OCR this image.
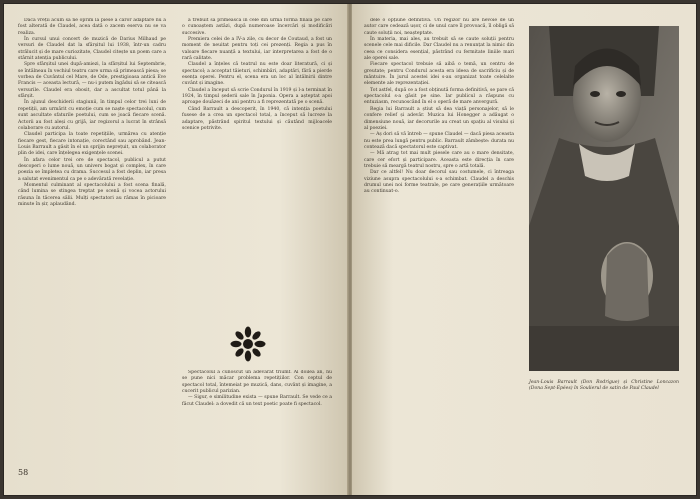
Dacă vreții acum să ne oprim la piese a căror adaptare nu a fost alterată de Claudel, acea dată o zacem eserva nu se va realiza.

În cursul unui concert de muzică de Darius Milhaud pe versuri de Claudel dat la sfârșitul lui 1938, într-un cadru strălucit și de mare curiozitate, Claudel citește un poem care a stârnit atenția publicului.

Spre sfârșitul unei după-amiezi, la sfârșitul lui Septembrie, se întâlneau în vechiul teatru care urma să primească piesa; se vorbea de Cuvântul cel Mare, de Ode, prestigioasa antică Eve Francis — aceasta lectură, — nu-i putem îngădui să se citească versurile. Claudel era obosit, dar a ascultat totul până la sfârșit.

În ajunul deschiderii stagiunii, în timpul celor trei luni de repetiții, am urmărit cu emoție cum se naște spectacolul, cum sunt ascultate sfaturile poetului, cum se joacă fiecare scenă. Actorii au fost aleși cu grijă, iar regizorul a lucrat în strânsă colaborare cu autorul.

Claudel participa la toate repetițiile, urmărea cu atenție fiecare gest, fiecare intonație, corectând sau aprobând. Jean-Louis Barrault a găsit în el un sprijin neprețuit, un colaborator plin de idei, care înțelegea exigențele scenei.

În afara celor trei ore de spectacol, publicul a putut descoperi o lume nouă, un univers bogat și complex, în care poezia se împletea cu drama. Succesul a fost deplin, iar presa a salutat evenimentul ca pe o adevărată revelație.

Momentul culminant al spectacolului a fost scena finală, când lumina se stingea treptat pe scenă și vocea actorului răsuna în tăcerea sălii. Mulți spectatori au rămas în picioare minute în șir, aplaudând.

a trebuit să primească în cele din urmă forma finală pe care o cunoaștem astăzi, după numeroase încercări și modificări succesive.

Premiera celei de a IV-a zile, cu decor de Coutaud, a fost un moment de neuitat pentru toți cei prezenți. Regia a pus în valoare fiecare nuanță a textului, iar interpretarea a fost de o rară calitate.

Claudel a înțeles că teatrul nu este doar literatură, ci și spectacol; a acceptat tăieturi, schimbări, adaptări, fără a pierde esența operei. Pentru el, scena era un loc al întâlnirii dintre cuvânt și imagine.

Claudel a început să scrie Condurul în 1919 și l-a terminat în 1924, în timpul șederii sale în Japonia. Opera a așteptat apoi aproape douăzeci de ani pentru a fi reprezentată pe o scenă.

Când Barrault a descoperit, în 1940, că intenția poetului fusese de a crea un spectacol total, a început să lucreze la adaptare, păstrând spiritul textului și căutând mijloacele scenice potrivite.

Spectacolul a cunoscut un adevărat triumf. Al doilea an, nu se pune nici măcar problema repetițiilor. Con ceptul de spectacol total, întemeiat pe muzică, dans, cuvânt și imagine, a cucerit publicul parizian.

— Sigur, e similitudine exista — spune Barrault. Se vede ce a făcut Claudel: a dovedit că un text poetic poate fi spectacol.

58

dele o opțiune definitivă. Un regizor nu are nevoie de un autor care cedează ușor, ci de unul care îl provoacă, îl obligă să caute soluții noi, neașteptate.

În materia, mai ales, au trebuit să se caute soluții pentru scenele cele mai dificile. Dar Claudel nu a renunțat la nimic din ceea ce considera esențial, păstrând cu fermitate liniile mari ale operei sale.

Fiecare spectacol trebuie să aibă o temă, un centru de greutate; pentru Condurul acesta era ideea de sacrificiu și de mântuire. În jurul acestei idei s-au organizat toate celelalte elemente ale reprezentației.

Tot astfel, după ce a fost obținută forma definitivă, se pare că spectacolul s-a găsit pe sine. Iar publicul a răspuns cu entuziasm, recunoscând în el o operă de mare anvergură.

Regia lui Barrault a știut să dea viață personajelor, să le confere relief și adevăr. Muzica lui Honegger a adăugat o dimensiune nouă, iar decorurile au creat un spațiu al visului și al poeziei.

— Aș dori să vă întreb — spune Claudel — dacă piesa aceasta nu este prea lungă pentru public. Barrault zâmbește: durata nu contează dacă spectatorul este captivat.

— Mă atrag tot mai mult piesele care au o mare densitate, care cer efort și participare. Aceasta este direcția în care trebuie să meargă teatrul nostru, spre o artă totală.

Dar ce altfel! Nu doar decorul sau costumele, ci întreaga viziune asupra spectacolului s-a schimbat. Claudel a deschis drumul unei noi forme teatrale, pe care generațiile următoare au continuat-o.

Jean-Louis Barrault (Don Rodrigue) și Christine Loncazon (Dona Sept-Épées) în Soulierul de satin de Paul Claudel
